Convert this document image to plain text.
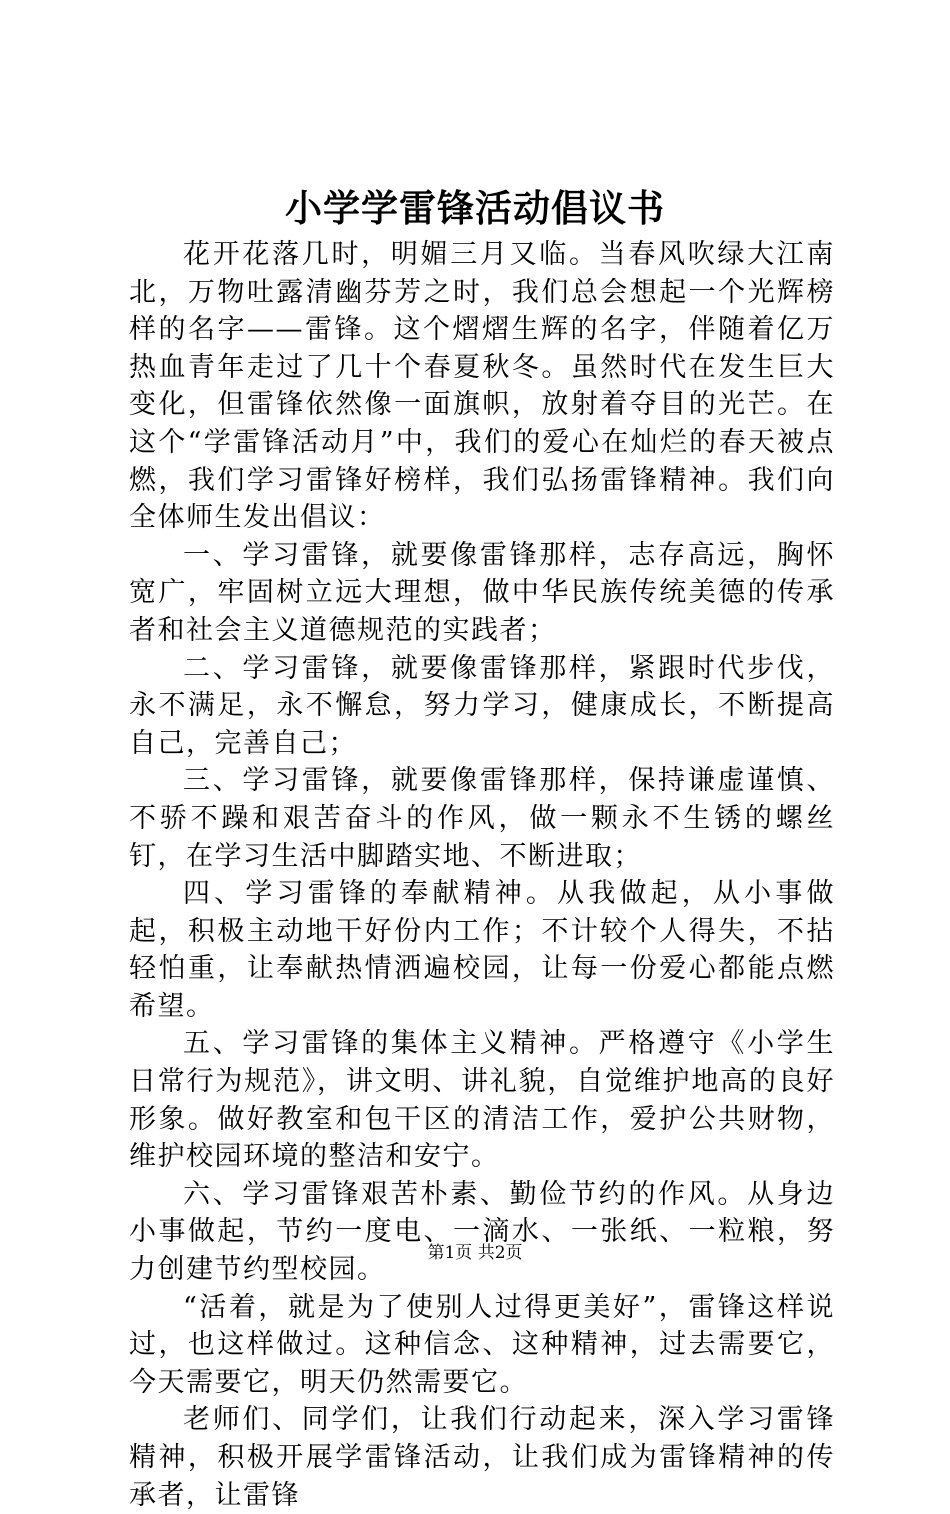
小学学雷锋活动倡议书

花开花落几时，明媚三月又临。当春风吹绿大江南北，万物吐露清幽芬芳之时，我们总会想起一个光辉榜样的名字——雷锋。这个熠熠生辉的名字，伴随着亿万热血青年走过了几十个春夏秋冬。虽然时代在发生巨大变化，但雷锋依然像一面旗帜，放射着夺目的光芒。在这个“学雷锋活动月”中，我们的爱心在灿烂的春天被点燃，我们学习雷锋好榜样，我们弘扬雷锋精神。我们向全体师生发出倡议：

一、学习雷锋，就要像雷锋那样，志存高远，胸怀宽广，牢固树立远大理想，做中华民族传统美德的传承者和社会主义道德规范的实践者；

二、学习雷锋，就要像雷锋那样，紧跟时代步伐，永不满足，永不懈怠，努力学习，健康成长，不断提高自己，完善自己；

三、学习雷锋，就要像雷锋那样，保持谦虚谨慎、不骄不躁和艰苦奋斗的作风，做一颗永不生锈的螺丝钉，在学习生活中脚踏实地、不断进取；

四、学习雷锋的奉献精神。从我做起，从小事做起，积极主动地干好份内工作；不计较个人得失，不拈轻怕重，让奉献热情洒遍校园，让每一份爱心都能点燃希望。

五、学习雷锋的集体主义精神。严格遵守《小学生日常行为规范》，讲文明、讲礼貌，自觉维护地高的良好形象。做好教室和包干区的清洁工作，爱护公共财物，维护校园环境的整洁和安宁。

六、学习雷锋艰苦朴素、勤俭节约的作风。从身边小事做起，节约一度电、一滴水、一张纸、一粒粮，努力创建节约型校园。

“活着，就是为了使别人过得更美好”，雷锋这样说过，也这样做过。这种信念、这种精神，过去需要它，今天需要它，明天仍然需要它。

老师们、同学们，让我们行动起来，深入学习雷锋精神，积极开展学雷锋活动，让我们成为雷锋精神的传承者，让雷锋

第1页 共2页
